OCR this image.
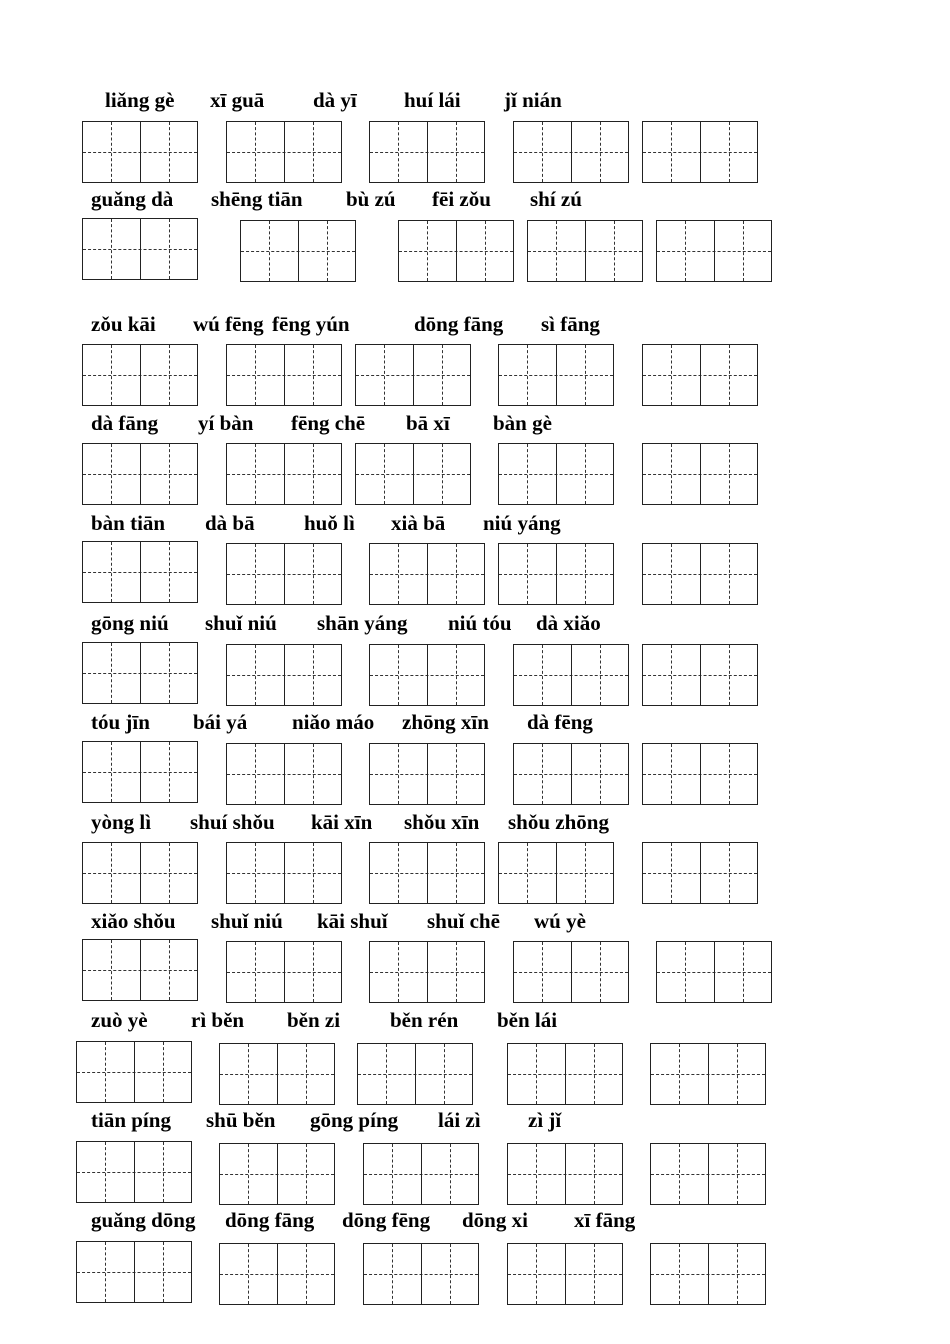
liǎng gè xī guā dà yī huí lái jǐ nián
guǎng dà shēng tiān bù zú fēi zǒu shí zú
zǒu kāi wú fēng fēng yún	dōng fāng sì fāng
dà fāng yí bàn fēng chē bā xī bàn gè
bàn tiān dà bā huǒ lì xià bā niú yáng
gōng niú shuǐ niú shān yáng niú tóu dà xiǎo
tóu jīn bái yá niǎo máo zhōng xīn dà fēng
yòng lì shuí shǒu kāi xīn shǒu xīn shǒu zhōng
xiǎo shǒu shuǐ niú kāi shuǐ shuǐ chē wú yè
zuò yè rì běn běn zi běn rén běn lái
tiān píng shū běn gōng píng lái zì zì jǐ
guǎng dōng dōng fāng dōng fēng dōng xi xī fāng
